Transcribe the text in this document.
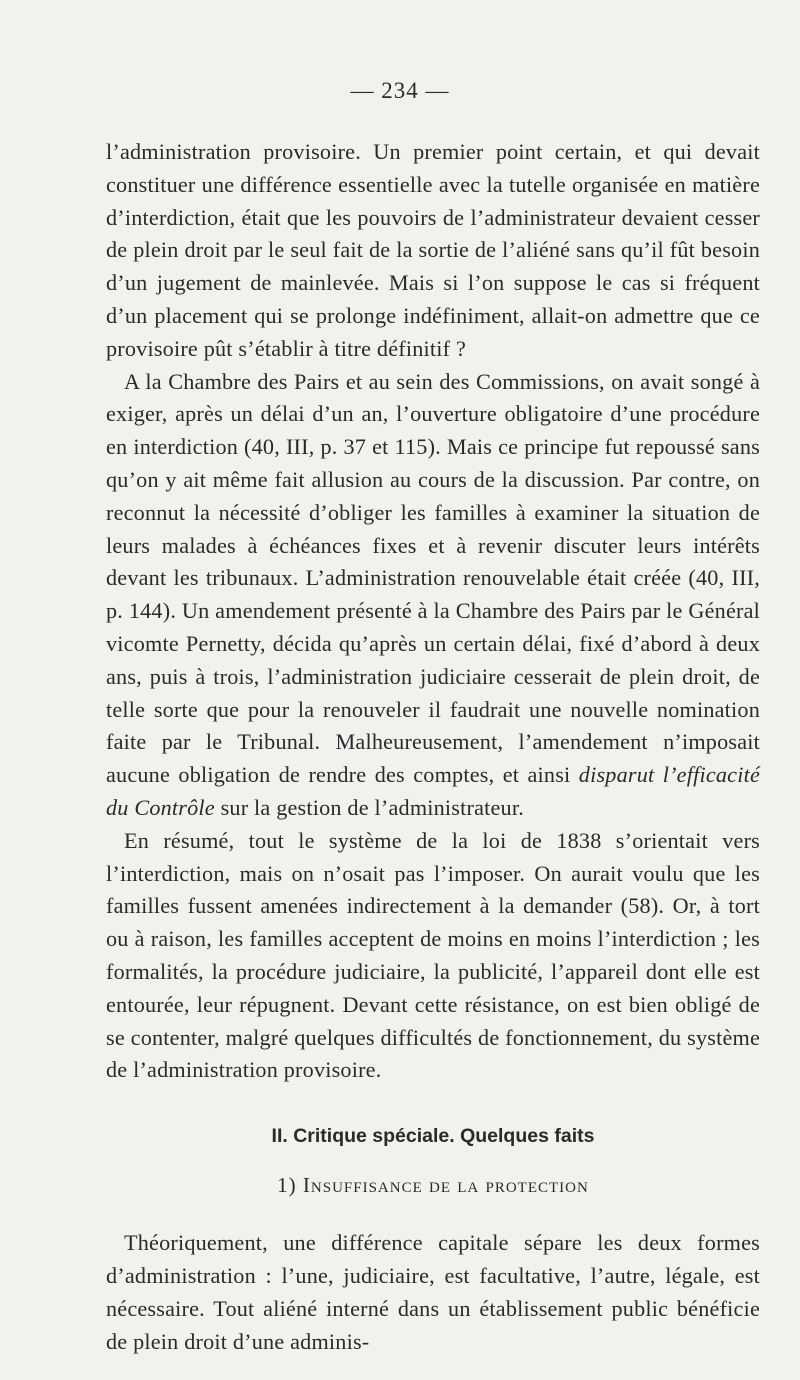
— 234 —

l’administration provisoire. Un premier point certain, et qui devait constituer une différence essentielle avec la tutelle organisée en matière d’interdiction, était que les pouvoirs de l’administrateur devaient cesser de plein droit par le seul fait de la sortie de l’aliéné sans qu’il fût besoin d’un jugement de mainlevée. Mais si l’on suppose le cas si fréquent d’un placement qui se prolonge indéfiniment, allait-on admettre que ce provisoire pût s’établir à titre définitif ?

A la Chambre des Pairs et au sein des Commissions, on avait songé à exiger, après un délai d’un an, l’ouverture obligatoire d’une procédure en interdiction (40, III, p. 37 et 115). Mais ce principe fut repoussé sans qu’on y ait même fait allusion au cours de la discussion. Par contre, on reconnut la nécessité d’obliger les familles à examiner la situation de leurs malades à échéances fixes et à revenir discuter leurs intérêts devant les tribunaux. L’administration renouvelable était créée (40, III, p. 144). Un amendement présenté à la Chambre des Pairs par le Général vicomte Pernetty, décida qu’après un certain délai, fixé d’abord à deux ans, puis à trois, l’administration judiciaire cesserait de plein droit, de telle sorte que pour la renouveler il faudrait une nouvelle nomination faite par le Tribunal. Malheureusement, l’amendement n’imposait aucune obligation de rendre des comptes, et ainsi disparut l’efficacité du Contrôle sur la gestion de l’administrateur.

En résumé, tout le système de la loi de 1838 s’orientait vers l’interdiction, mais on n’osait pas l’imposer. On aurait voulu que les familles fussent amenées indirectement à la demander (58). Or, à tort ou à raison, les familles acceptent de moins en moins l’interdiction ; les formalités, la procédure judiciaire, la publicité, l’appareil dont elle est entourée, leur répugnent. Devant cette résistance, on est bien obligé de se contenter, malgré quelques difficultés de fonctionnement, du système de l’administration provisoire.

II. Critique spéciale. Quelques faits
1) Insuffisance de la protection

Théoriquement, une différence capitale sépare les deux formes d’administration : l’une, judiciaire, est facultative, l’autre, légale, est nécessaire. Tout aliéné interné dans un établissement public bénéficie de plein droit d’une adminis-
